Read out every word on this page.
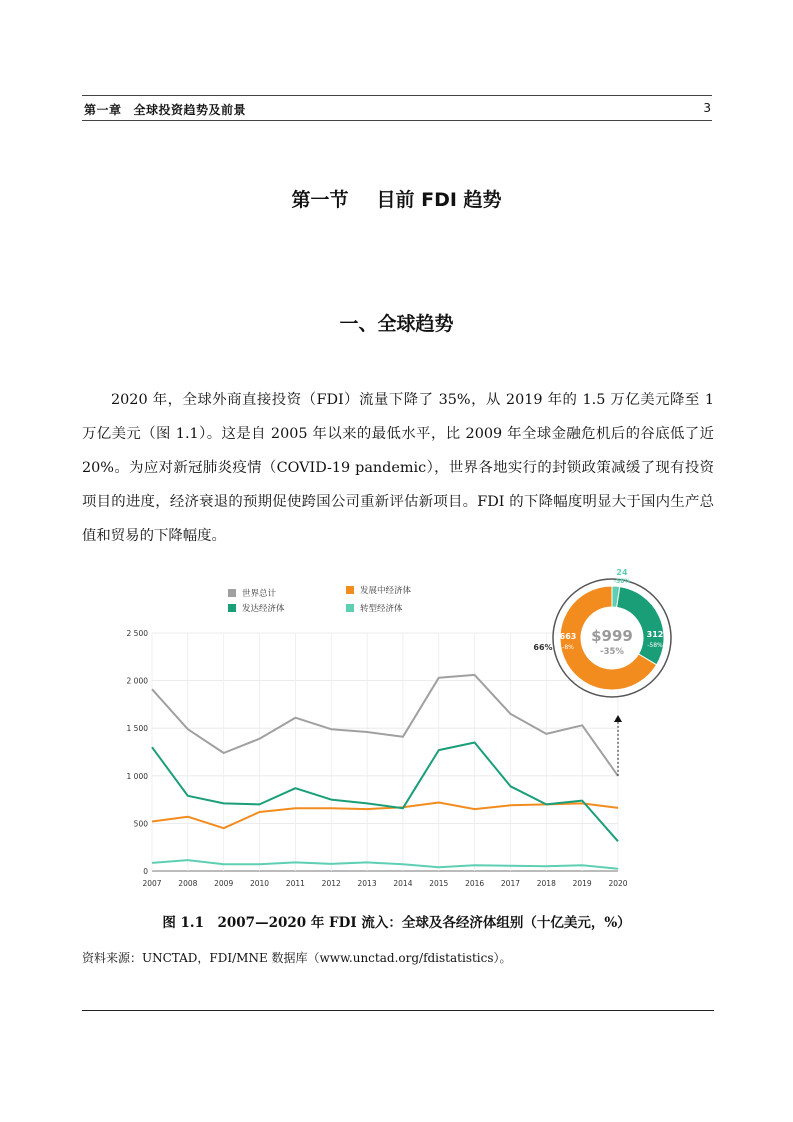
第一章 全球投资趋势及前景	3
第一节 目前 FDI 趋势
一、全球趋势
2020 年，全球外商直接投资（FDI）流量下降了 35%，从 2019 年的 1.5 万亿美元降至 1 万亿美元（图 1.1）。这是自 2005 年以来的最低水平，比 2009 年全球金融危机后的谷底低了近 20%。为应对新冠肺炎疫情（COVID-19 pandemic），世界各地实行的封锁政策减缓了现有投资项目的进度，经济衰退的预期促使跨国公司重新评估新项目。FDI 的下降幅度明显大于国内生产总值和贸易的下降幅度。
0
500
1 000
1 500
2 000
2 500
2007 2008 2009 2010 2011 2012 2013 2014 2015 2016 2017 2018 2019 2020
世界总计	发展中经济体
发达经济体	转型经济体
$999
-35%
663
-8%
312
-58%
24
-58%
66%
图 1.1　2007—2020 年 FDI 流入：全球及各经济体组别（十亿美元，%）
资料来源：UNCTAD，FDI/MNE 数据库（www.unctad.org/fdistatistics）。
